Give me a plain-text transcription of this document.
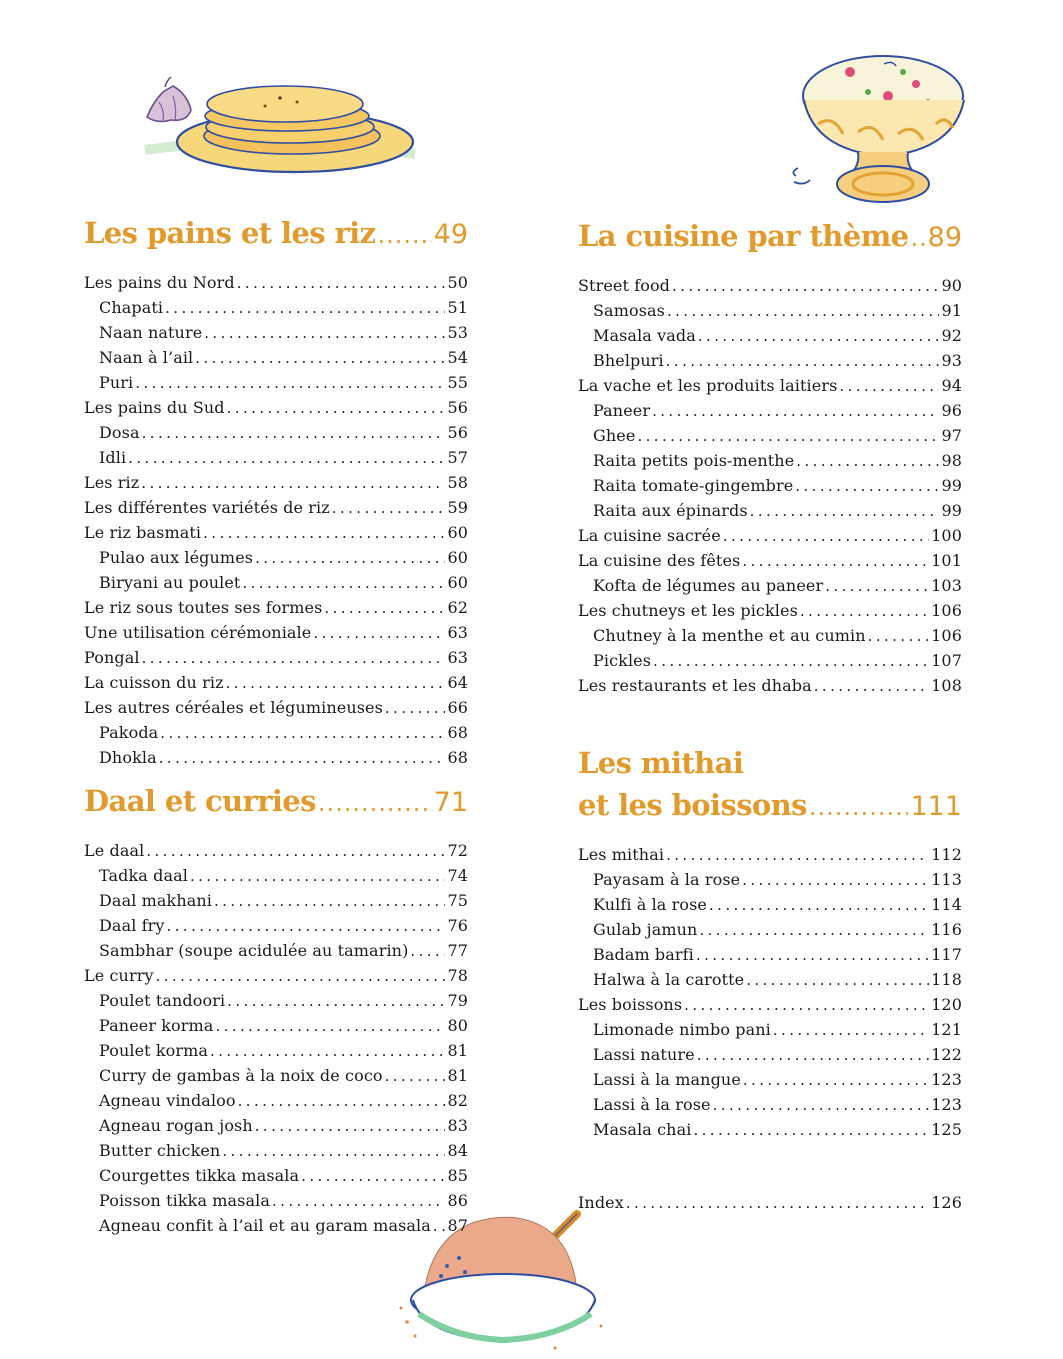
Les pains et les riz ..... 49
Les pains du Nord .....	50
Chapati .....	51
Naan nature .....	53
Naan à l’ail .....	54
Puri .....	55
Les pains du Sud .....	56
Dosa .....	56
Idli .....	57
Les riz .....	58
Les différentes variétés de riz .....	59
Le riz basmati .....	60
Pulao aux légumes .....	60
Biryani au poulet .....	60
Le riz sous toutes ses formes .....	62
Une utilisation cérémoniale .....	63
Pongal .....	63
La cuisson du riz .....	64
Les autres céréales et légumineuses .....	66
Pakoda .....	68
Dhokla .....	68
Daal et curries .....	71
Le daal .....	72
Tadka daal .....	74
Daal makhani .....	75
Daal fry .....	76
Sambhar (soupe acidulée au tamarin) ..... 77
Le curry .....	78
Poulet tandoori .....	79
Paneer korma .....	80
Poulet korma .....	81
Curry de gambas à la noix de coco .....	81
Agneau vindaloo .....	82
Agneau rogan josh .....	83
Butter chicken .....	84
Courgettes tikka masala .....	85
Poisson tikka masala .....	86
Agneau confit à l’ail et au garam masala ..... 87
La cuisine par thème ..... 89
Street food .....	90
Samosas .....	91
Masala vada .....	92
Bhelpuri .....	93
La vache et les produits laitiers .....	94
Paneer .....	96
Ghee .....	97
Raita petits pois-menthe .....	98
Raita tomate-gingembre .....	99
Raita aux épinards .....	99
La cuisine sacrée .....	100
La cuisine des fêtes .....	101
Kofta de légumes au paneer .....	103
Les chutneys et les pickles .....	106
Chutney à la menthe et au cumin .....	106
Pickles .....	107
Les restaurants et les dhaba .....	108
Les mithai
et les boissons .....	111
Les mithai .....	112
Payasam à la rose .....	113
Kulfi à la rose .....	114
Gulab jamun .....	116
Badam barfi .....	117
Halwa à la carotte .....	118
Les boissons .....	120
Limonade nimbo pani .....	121
Lassi nature .....	122
Lassi à la mangue .....	123
Lassi à la rose .....	123
Masala chai .....	125
Index .....	126
